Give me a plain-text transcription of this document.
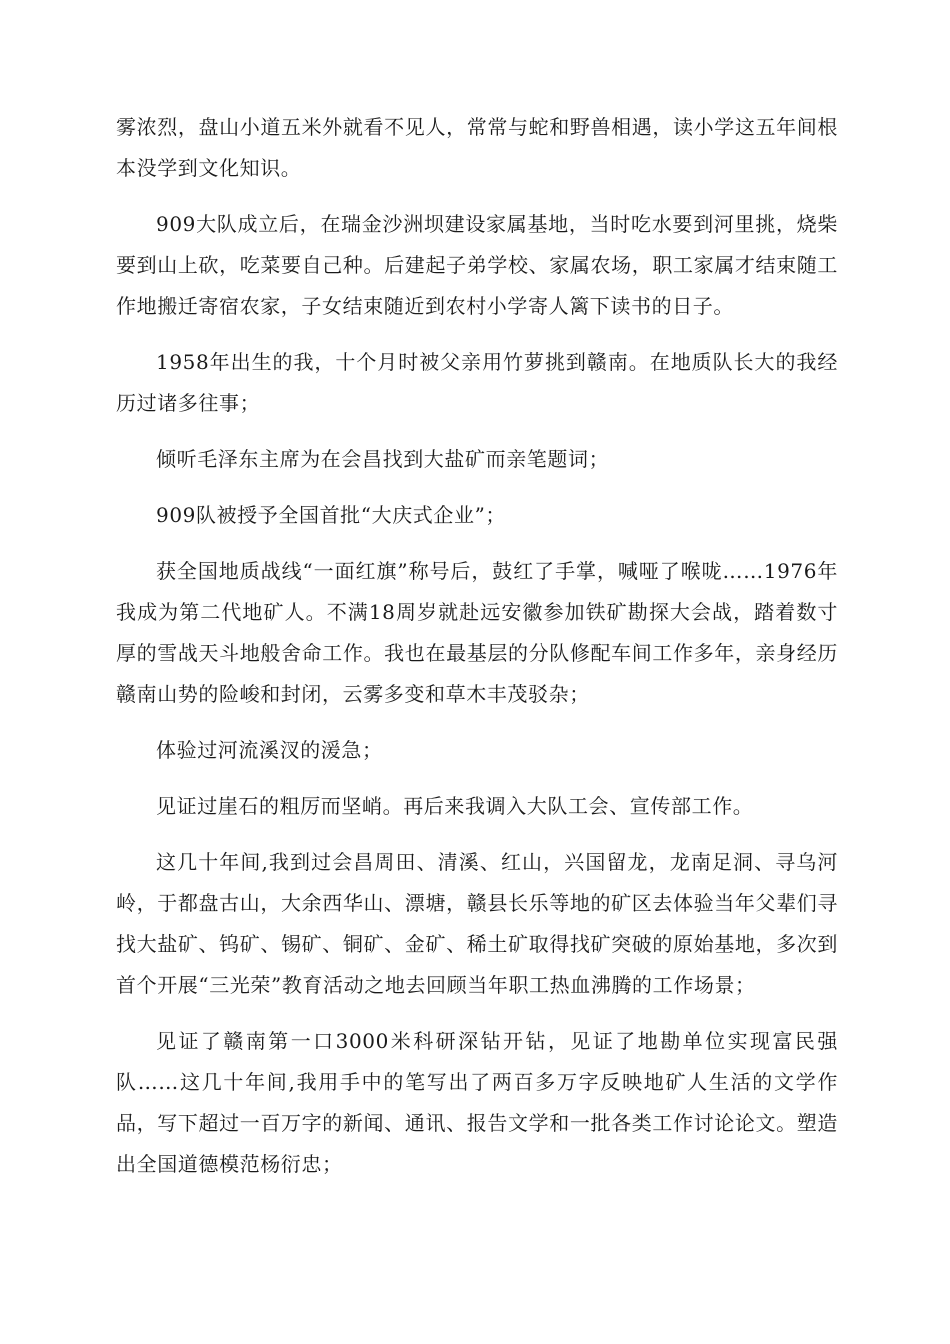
雾浓烈，盘山小道五米外就看不见人，常常与蛇和野兽相遇，读小学这五年间根本没学到文化知识。

909大队成立后，在瑞金沙洲坝建设家属基地，当时吃水要到河里挑，烧柴要到山上砍，吃菜要自己种。后建起子弟学校、家属农场，职工家属才结束随工作地搬迁寄宿农家，子女结束随近到农村小学寄人篱下读书的日子。

1958年出生的我，十个月时被父亲用竹萝挑到赣南。在地质队长大的我经历过诸多往事；

倾听毛泽东主席为在会昌找到大盐矿而亲笔题词；

909队被授予全国首批“大庆式企业”；

获全国地质战线“一面红旗”称号后，鼓红了手掌，喊哑了喉咙……1976年我成为第二代地矿人。不满18周岁就赴远安徽参加铁矿勘探大会战，踏着数寸厚的雪战天斗地般舍命工作。我也在最基层的分队修配车间工作多年，亲身经历赣南山势的险峻和封闭，云雾多变和草木丰茂驳杂；

体验过河流溪汊的湲急；

见证过崖石的粗厉而坚峭。再后来我调入大队工会、宣传部工作。

这几十年间,我到过会昌周田、清溪、红山，兴国留龙，龙南足洞、寻乌河岭，于都盘古山，大余西华山、漂塘，赣县长乐等地的矿区去体验当年父辈们寻找大盐矿、钨矿、锡矿、铜矿、金矿、稀土矿取得找矿突破的原始基地，多次到首个开展“三光荣”教育活动之地去回顾当年职工热血沸腾的工作场景；

见证了赣南第一口3000米科研深钻开钻，见证了地勘单位实现富民强队……这几十年间,我用手中的笔写出了两百多万字反映地矿人生活的文学作品，写下超过一百万字的新闻、通讯、报告文学和一批各类工作讨论论文。塑造出全国道德模范杨衍忠；
